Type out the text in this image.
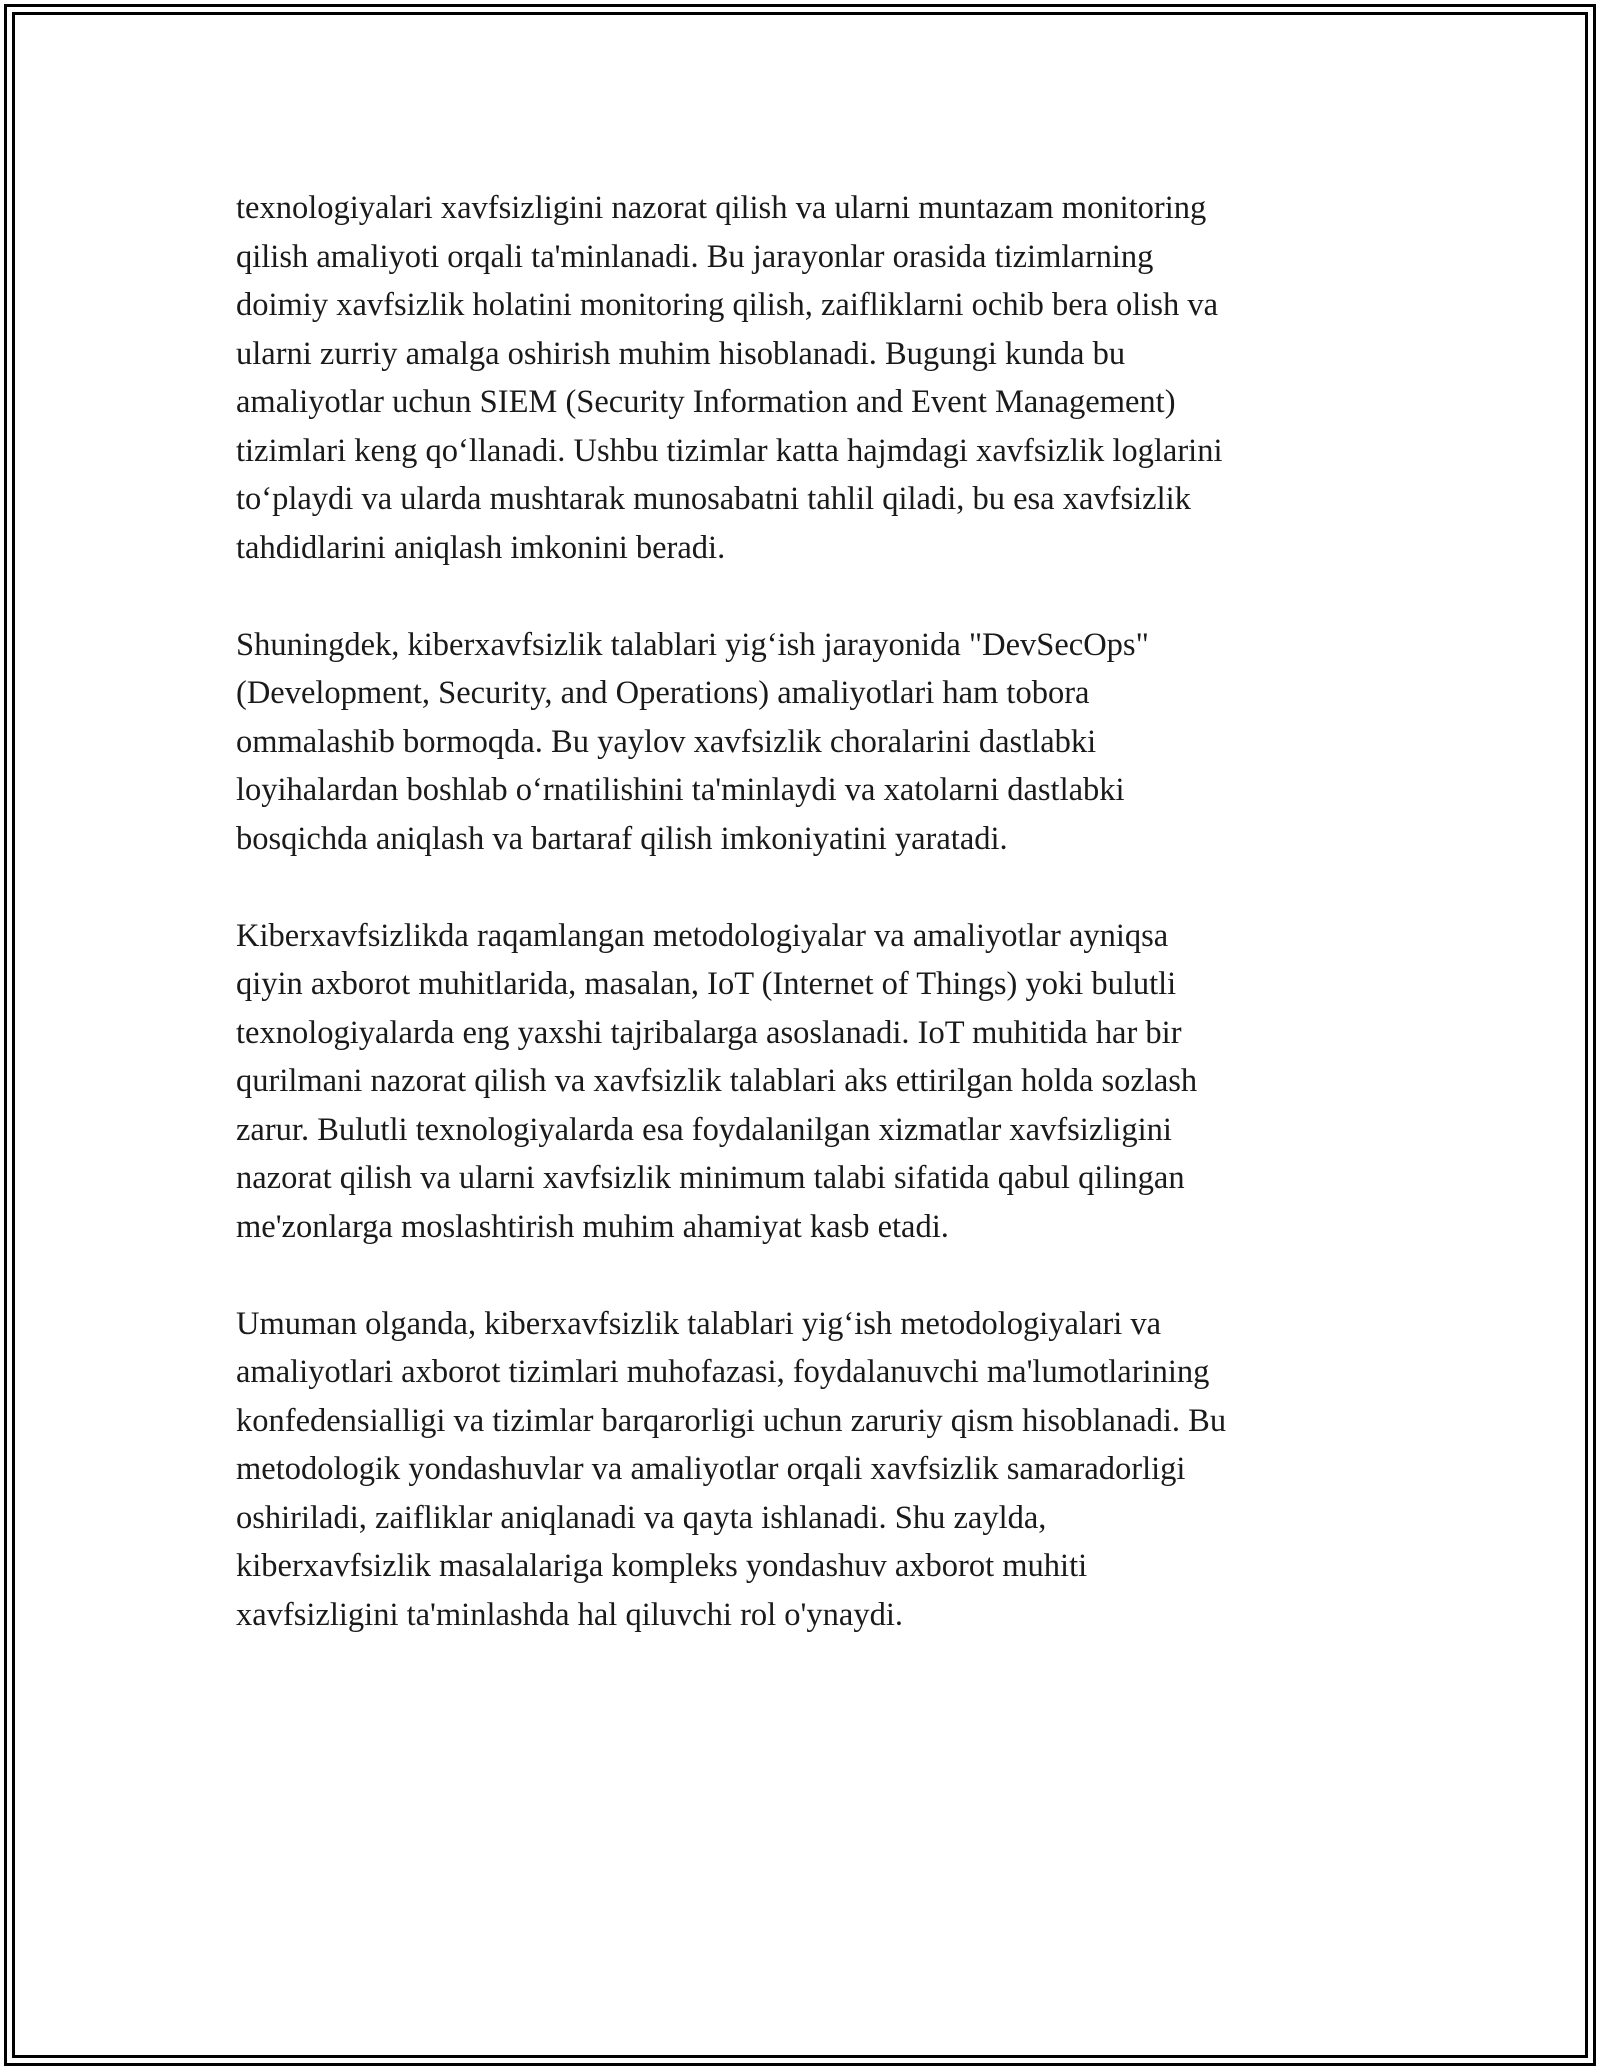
texnologiyalari xavfsizligini nazorat qilish va ularni muntazam monitoring
qilish amaliyoti orqali ta'minlanadi. Bu jarayonlar orasida tizimlarning
doimiy xavfsizlik holatini monitoring qilish, zaifliklarni ochib bera olish va
ularni zurriy amalga oshirish muhim hisoblanadi. Bugungi kunda bu
amaliyotlar uchun SIEM (Security Information and Event Management)
tizimlari keng qo‘llanadi. Ushbu tizimlar katta hajmdagi xavfsizlik loglarini
to‘playdi va ularda mushtarak munosabatni tahlil qiladi, bu esa xavfsizlik
tahdidlarini aniqlash imkonini beradi.
Shuningdek, kiberxavfsizlik talablari yig‘ish jarayonida "DevSecOps"
(Development, Security, and Operations) amaliyotlari ham tobora
ommalashib bormoqda. Bu yaylov xavfsizlik choralarini dastlabki
loyihalardan boshlab o‘rnatilishini ta'minlaydi va xatolarni dastlabki
bosqichda aniqlash va bartaraf qilish imkoniyatini yaratadi.
Kiberxavfsizlikda raqamlangan metodologiyalar va amaliyotlar ayniqsa
qiyin axborot muhitlarida, masalan, IoT (Internet of Things) yoki bulutli
texnologiyalarda eng yaxshi tajribalarga asoslanadi. IoT muhitida har bir
qurilmani nazorat qilish va xavfsizlik talablari aks ettirilgan holda sozlash
zarur. Bulutli texnologiyalarda esa foydalanilgan xizmatlar xavfsizligini
nazorat qilish va ularni xavfsizlik minimum talabi sifatida qabul qilingan
me'zonlarga moslashtirish muhim ahamiyat kasb etadi.
Umuman olganda, kiberxavfsizlik talablari yig‘ish metodologiyalari va
amaliyotlari axborot tizimlari muhofazasi, foydalanuvchi ma'lumotlarining
konfedensialligi va tizimlar barqarorligi uchun zaruriy qism hisoblanadi. Bu
metodologik yondashuvlar va amaliyotlar orqali xavfsizlik samaradorligi
oshiriladi, zaifliklar aniqlanadi va qayta ishlanadi. Shu zaylda,
kiberxavfsizlik masalalariga kompleks yondashuv axborot muhiti
xavfsizligini ta'minlashda hal qiluvchi rol o'ynaydi.
